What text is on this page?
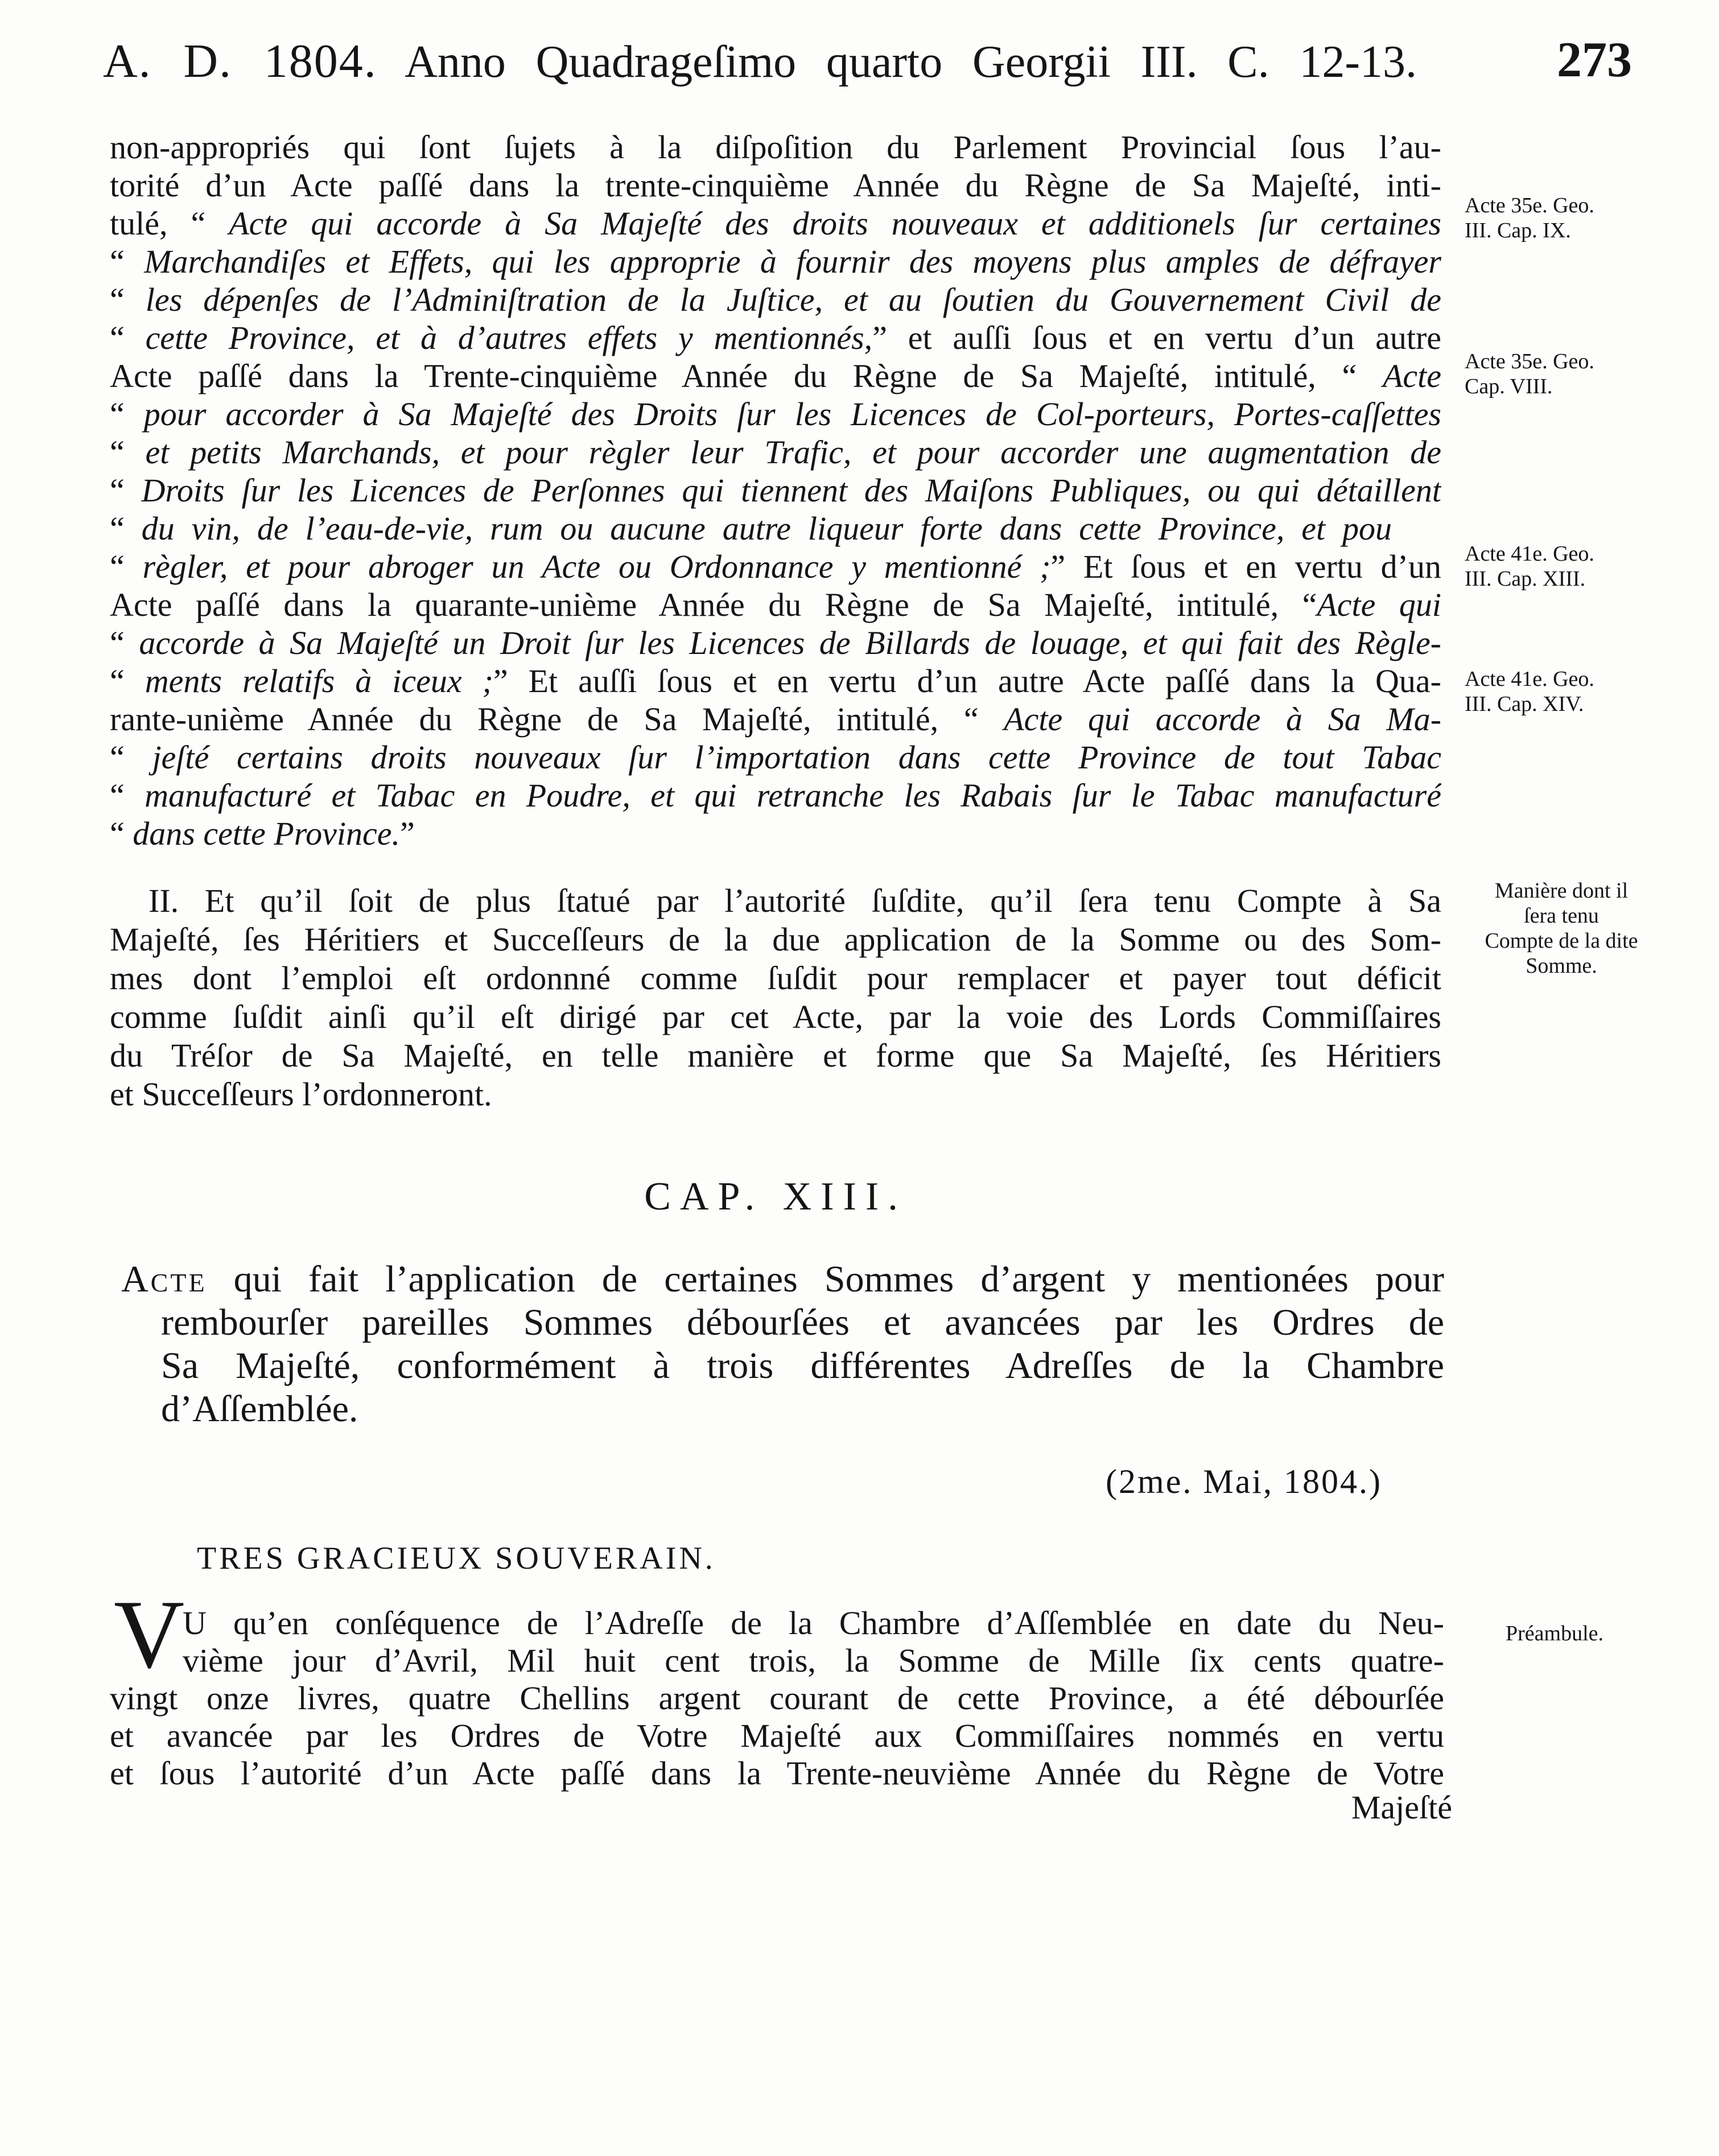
A. D. 1804. Anno Quadrageſimo quarto Georgii III. C. 12-13.	273
non-appropriés qui ſont ſujets à la diſpoſition du Parlement Provincial ſous l’au-
torité d’un Acte paſſé dans la trente-cinquième Année du Règne de Sa Majeſté, inti-
tulé, “ Acte qui accorde à Sa Majeſté des droits nouveaux et additionels ſur certaines
“ Marchandiſes et Effets, qui les approprie à fournir des moyens plus amples de défrayer
“ les dépenſes de l’Adminiſtration de la Juſtice, et au ſoutien du Gouvernement Civil de
“ cette Province, et à d’autres effets y mentionnés,” et auſſi ſous et en vertu d’un autre
Acte paſſé dans la Trente-cinquième Année du Règne de Sa Majeſté, intitulé, “ Acte
“ pour accorder à Sa Majeſté des Droits ſur les Licences de Col-porteurs, Portes-caſſettes
“ et petits Marchands, et pour règler leur Trafic, et pour accorder une augmentation de
“ Droits ſur les Licences de Perſonnes qui tiennent des Maiſons Publiques, ou qui détaillent
“ du vin, de l’eau-de-vie, rum ou aucune autre liqueur forte dans cette Province, et pou
“ règler, et pour abroger un Acte ou Ordonnance y mentionné ;” Et ſous et en vertu d’un
Acte paſſé dans la quarante-unième Année du Règne de Sa Majeſté, intitulé, “Acte qui
“ accorde à Sa Majeſté un Droit ſur les Licences de Billards de louage, et qui fait des Règle-
“ ments relatifs à iceux ;” Et auſſi ſous et en vertu d’un autre Acte paſſé dans la Qua-
rante-unième Année du Règne de Sa Majeſté, intitulé, “ Acte qui accorde à Sa Ma-
“ jeſté certains droits nouveaux ſur l’importation dans cette Province de tout Tabac
“ manufacturé et Tabac en Poudre, et qui retranche les Rabais ſur le Tabac manufacturé
“ dans cette Province.”
II. Et qu’il ſoit de plus ſtatué par l’autorité ſuſdite, qu’il ſera tenu Compte à Sa
Majeſté, ſes Héritiers et Succeſſeurs de la due application de la Somme ou des Som-
mes dont l’emploi eſt ordonnné comme ſuſdit pour remplacer et payer tout déficit
comme ſuſdit ainſi qu’il eſt dirigé par cet Acte, par la voie des Lords Commiſſaires
du Tréſor de Sa Majeſté, en telle manière et forme que Sa Majeſté, ſes Héritiers
et Succeſſeurs l’ordonneront.
CAP. XIII.
Acte qui fait l’application de certaines Sommes d’argent y mentionées pour
rembourſer pareilles Sommes débourſées et avancées par les Ordres de
Sa Majeſté, conformément à trois différentes Adreſſes de la Chambre
d’Aſſemblée.
(2me. Mai, 1804.)
TRES GRACIEUX SOUVERAIN.
V
U qu’en conſéquence de l’Adreſſe de la Chambre d’Aſſemblée en date du Neu-
vième jour d’Avril, Mil huit cent trois, la Somme de Mille ſix cents quatre-
vingt onze livres, quatre Chellins argent courant de cette Province, a été débourſée
et avancée par les Ordres de Votre Majeſté aux Commiſſaires nommés en vertu
et ſous l’autorité d’un Acte paſſé dans la Trente-neuvième Année du Règne de Votre
Majeſté
Acte 35e. Geo.
III. Cap. IX.
Acte 35e. Geo.
Cap. VIII.
Acte 41e. Geo.
III. Cap. XIII.
Acte 41e. Geo.
III. Cap. XIV.
Manière dont il
ſera tenu
Compte de la dite
Somme.
Préambule.
